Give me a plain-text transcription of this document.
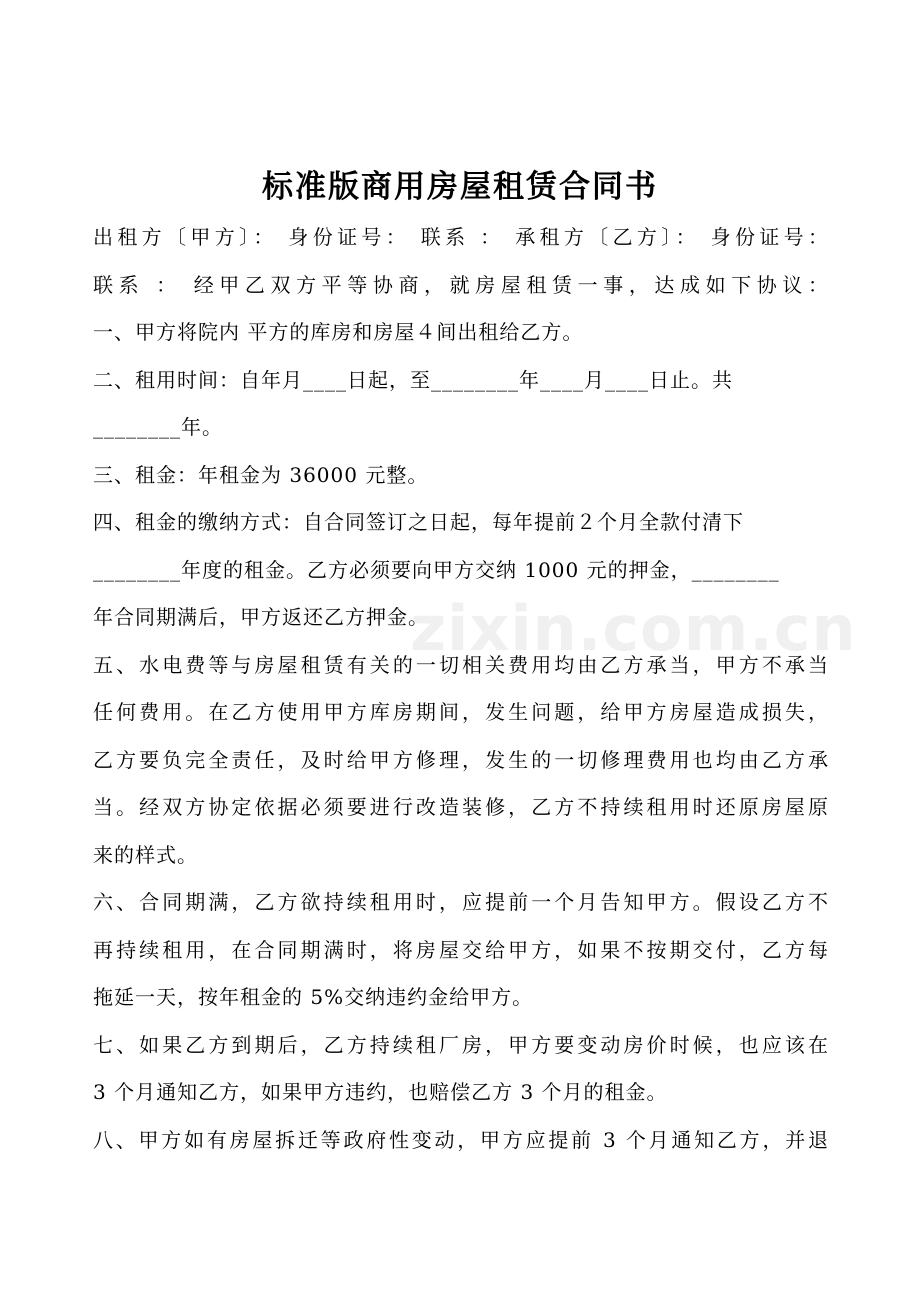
标准版商用房屋租赁合同书
出租方〔甲方〕： 身份证号： 联系 ： 承租方〔乙方〕： 身份证号：
联系 ： 经甲乙双方平等协商，就房屋租赁一事，达成如下协议：
一、甲方将院内 平方的库房和房屋４间出租给乙方。
二、租用时间：自年月____日起，至________年____月____日止。共
________年。
三、租金：年租金为 36000 元整。
四、租金的缴纳方式：自合同签订之日起，每年提前２个月全款付清下
________年度的租金。乙方必须要向甲方交纳 1000 元的押金，________
年合同期满后，甲方返还乙方押金。
五、水电费等与房屋租赁有关的一切相关费用均由乙方承当，甲方不承当
任何费用。在乙方使用甲方库房期间，发生问题，给甲方房屋造成损失，
乙方要负完全责任，及时给甲方修理，发生的一切修理费用也均由乙方承
当。经双方协定依据必须要进行改造装修，乙方不持续租用时还原房屋原
来的样式。
六、合同期满，乙方欲持续租用时，应提前一个月告知甲方。假设乙方不
再持续租用，在合同期满时，将房屋交给甲方，如果不按期交付，乙方每
拖延一天，按年租金的 5%交纳违约金给甲方。
七、如果乙方到期后，乙方持续租厂房，甲方要变动房价时候，也应该在
3 个月通知乙方，如果甲方违约，也赔偿乙方 3 个月的租金。
八、甲方如有房屋拆迁等政府性变动，甲方应提前 3 个月通知乙方，并退
zixin.com.cn
